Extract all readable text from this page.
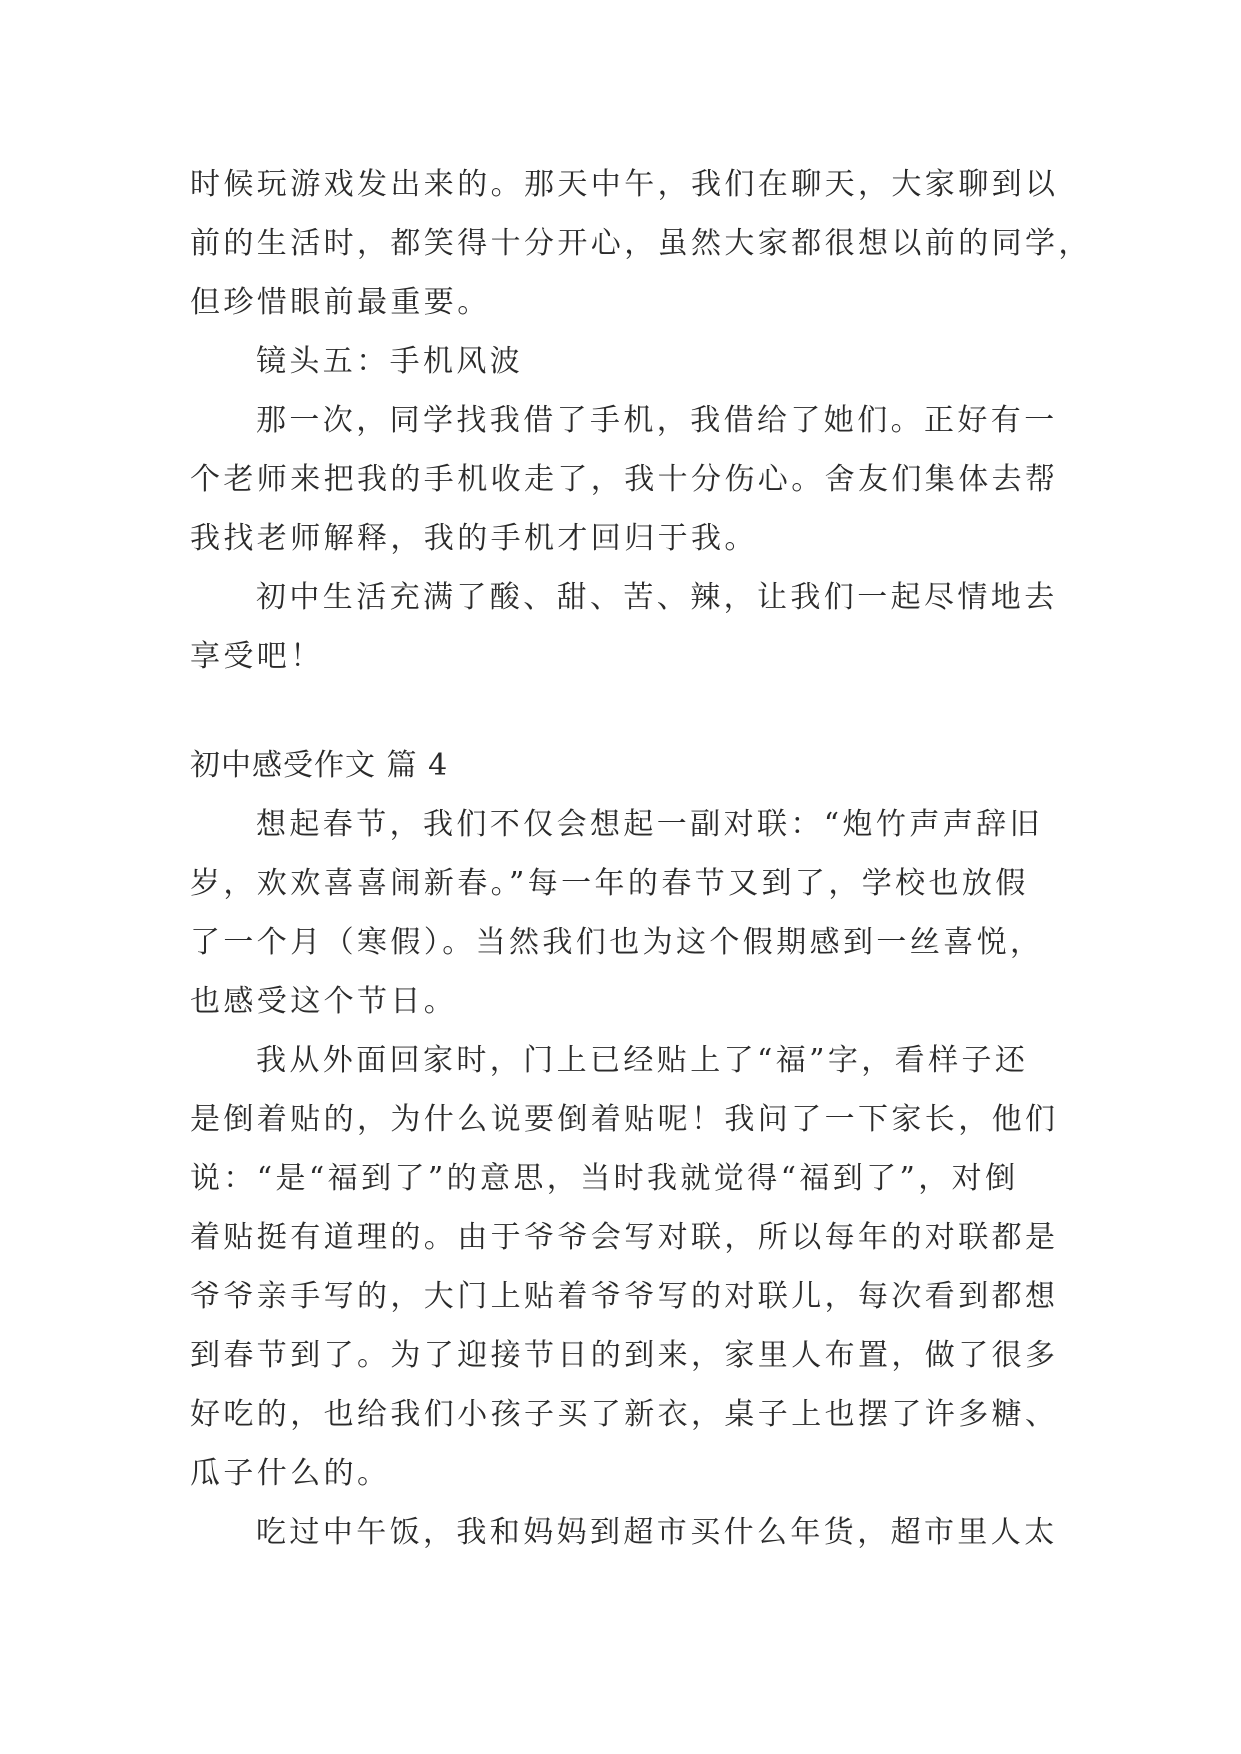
时候玩游戏发出来的。那天中午，我们在聊天，大家聊到以
前的生活时，都笑得十分开心，虽然大家都很想以前的同学，
但珍惜眼前最重要。
镜头五：手机风波
那一次，同学找我借了手机，我借给了她们。正好有一
个老师来把我的手机收走了，我十分伤心。舍友们集体去帮
我找老师解释，我的手机才回归于我。
初中生活充满了酸、甜、苦、辣，让我们一起尽情地去
享受吧！
初中感受作文 篇 4
想起春节，我们不仅会想起一副对联：“炮竹声声辞旧
岁，欢欢喜喜闹新春。”每一年的春节又到了，学校也放假
了一个月（寒假）。当然我们也为这个假期感到一丝喜悦，
也感受这个节日。
我从外面回家时，门上已经贴上了“福”字，看样子还
是倒着贴的，为什么说要倒着贴呢！我问了一下家长，他们
说：“是“福到了”的意思，当时我就觉得“福到了”，对倒
着贴挺有道理的。由于爷爷会写对联，所以每年的对联都是
爷爷亲手写的，大门上贴着爷爷写的对联儿，每次看到都想
到春节到了。为了迎接节日的到来，家里人布置，做了很多
好吃的，也给我们小孩子买了新衣，桌子上也摆了许多糖、
瓜子什么的。
吃过中午饭，我和妈妈到超市买什么年货，超市里人太
